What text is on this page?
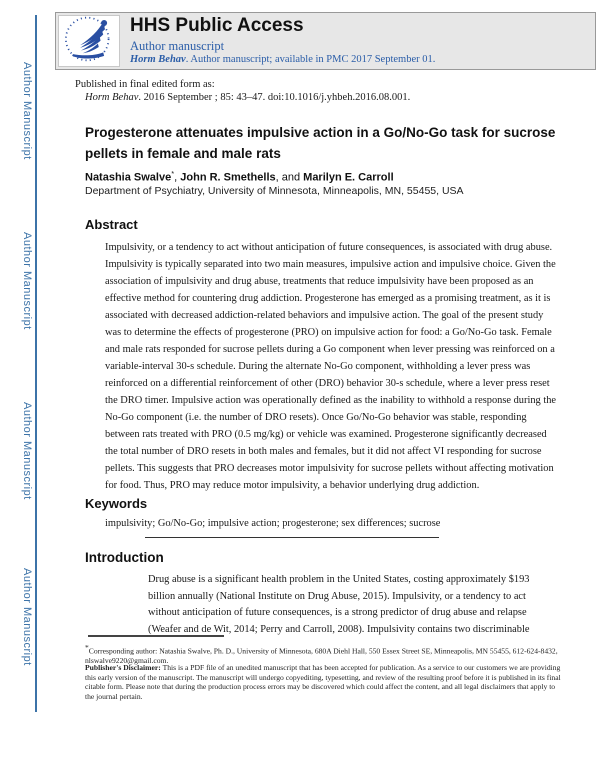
Author Manuscript
Author Manuscript
Author Manuscript
Author Manuscript
HHS Public Access
Author manuscript
Horm Behav. Author manuscript; available in PMC 2017 September 01.
Published in final edited form as:
Horm Behav. 2016 September ; 85: 43–47. doi:10.1016/j.yhbeh.2016.08.001.
Progesterone attenuates impulsive action in a Go/No-Go task for sucrose pellets in female and male rats
Natashia Swalve*, John R. Smethells, and Marilyn E. Carroll
Department of Psychiatry, University of Minnesota, Minneapolis, MN, 55455, USA
Abstract
Impulsivity, or a tendency to act without anticipation of future consequences, is associated with drug abuse. Impulsivity is typically separated into two main measures, impulsive action and impulsive choice. Given the association of impulsivity and drug abuse, treatments that reduce impulsivity have been proposed as an effective method for countering drug addiction. Progesterone has emerged as a promising treatment, as it is associated with decreased addiction-related behaviors and impulsive action. The goal of the present study was to determine the effects of progesterone (PRO) on impulsive action for food: a Go/No-Go task. Female and male rats responded for sucrose pellets during a Go component when lever pressing was reinforced on a variable-interval 30-s schedule. During the alternate No-Go component, withholding a lever press was reinforced on a differential reinforcement of other (DRO) behavior 30-s schedule, where a lever press reset the DRO timer. Impulsive action was operationally defined as the inability to withhold a response during the No-Go component (i.e. the number of DRO resets). Once Go/No-Go behavior was stable, responding between rats treated with PRO (0.5 mg/kg) or vehicle was examined. Progesterone significantly decreased the total number of DRO resets in both males and females, but it did not affect VI responding for sucrose pellets. This suggests that PRO decreases motor impulsivity for sucrose pellets without affecting motivation for food. Thus, PRO may reduce motor impulsivity, a behavior underlying drug addiction.
Keywords
impulsivity; Go/No-Go; impulsive action; progesterone; sex differences; sucrose
Introduction
Drug abuse is a significant health problem in the United States, costing approximately $193 billion annually (National Institute on Drug Abuse, 2015). Impulsivity, or a tendency to act without anticipation of future consequences, is a strong predictor of drug abuse and relapse (Weafer and de Wit, 2014; Perry and Carroll, 2008). Impulsivity contains two discriminable
*Corresponding author: Natashia Swalve, Ph. D., University of Minnesota, 680A Diehl Hall, 550 Essex Street SE, Minneapolis, MN 55455, 612-624-8432, nlswalve9220@gmail.com.
Publisher's Disclaimer: This is a PDF file of an unedited manuscript that has been accepted for publication. As a service to our customers we are providing this early version of the manuscript. The manuscript will undergo copyediting, typesetting, and review of the resulting proof before it is published in its final citable form. Please note that during the production process errors may be discovered which could affect the content, and all legal disclaimers that apply to the journal pertain.
